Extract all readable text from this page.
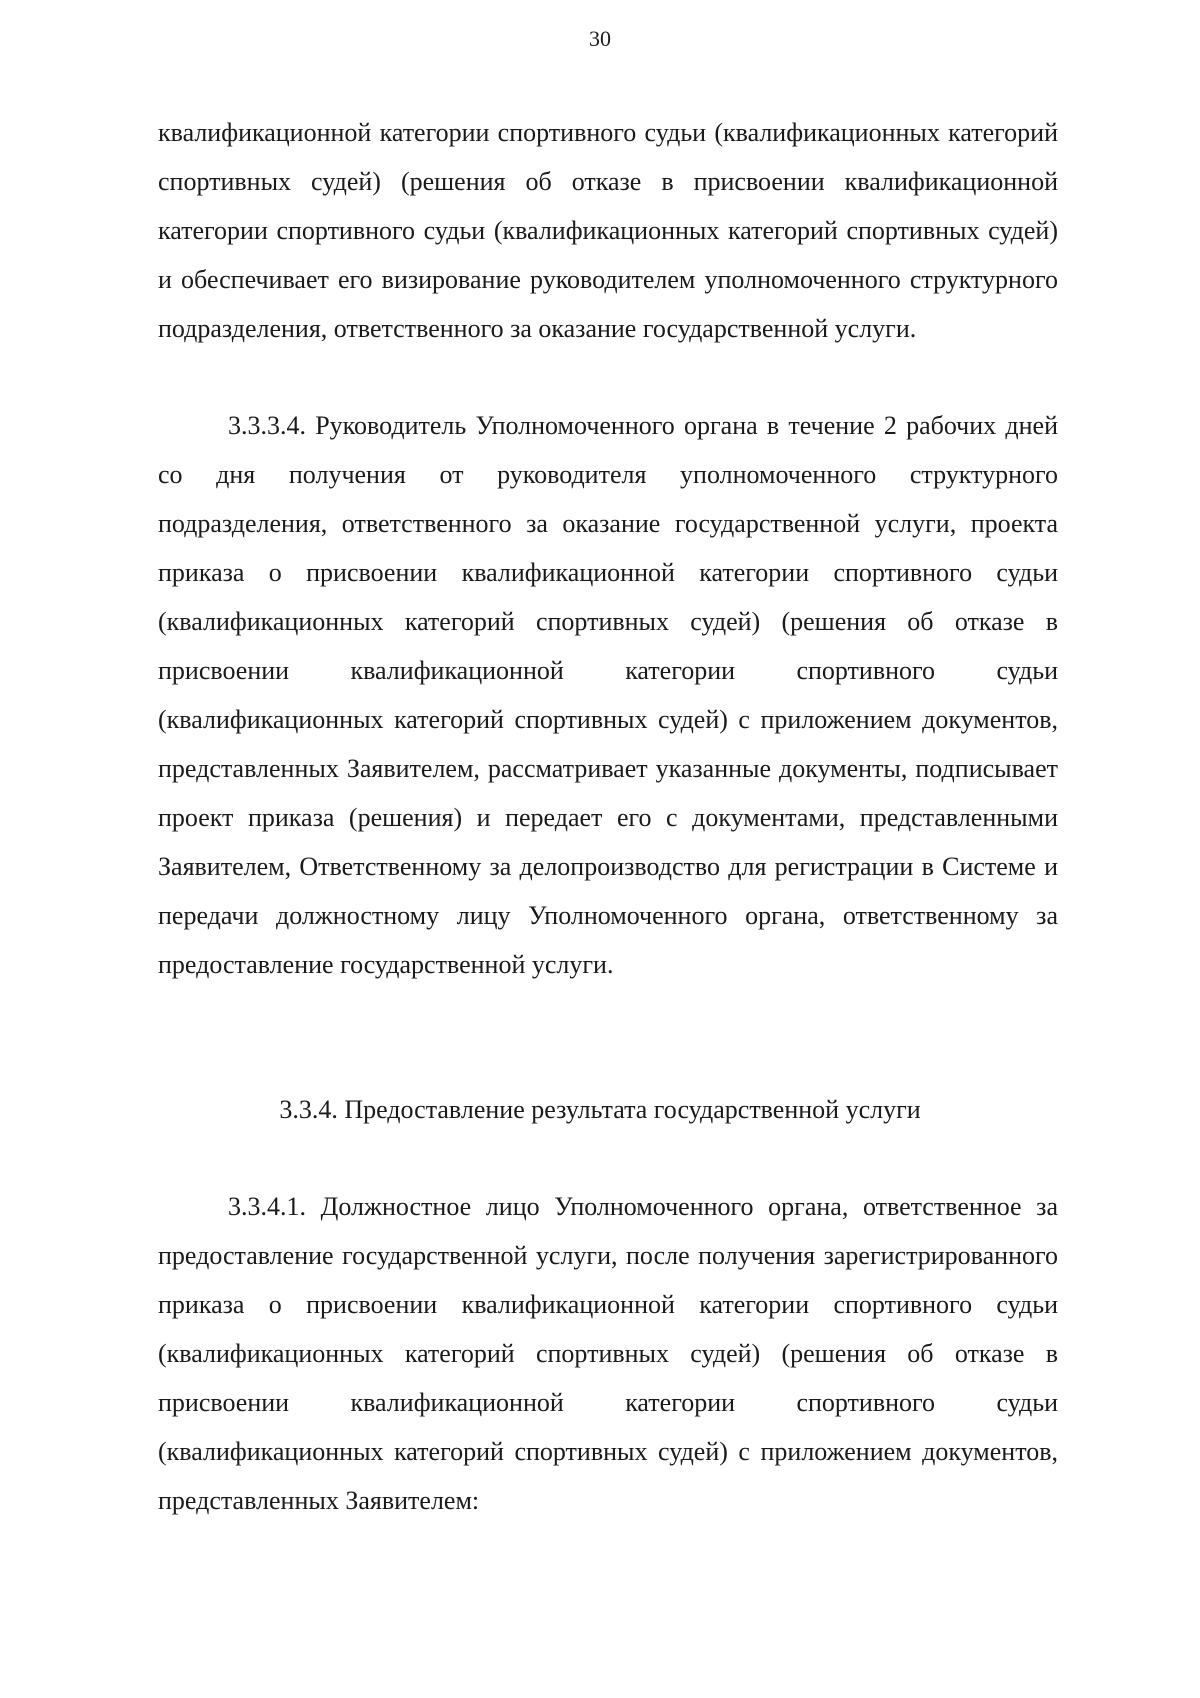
30

квалификационной категории спортивного судьи (квалификационных категорий спортивных судей) (решения об отказе в присвоении квалификационной категории спортивного судьи (квалификационных категорий спортивных судей) и обеспечивает его визирование руководителем уполномоченного структурного подразделения, ответственного за оказание государственной услуги.

3.3.3.4. Руководитель Уполномоченного органа в течение 2 рабочих дней со дня получения от руководителя уполномоченного структурного подразделения, ответственного за оказание государственной услуги, проекта приказа о присвоении квалификационной категории спортивного судьи (квалификационных категорий спортивных судей) (решения об отказе в присвоении квалификационной категории спортивного судьи (квалификационных категорий спортивных судей) с приложением документов, представленных Заявителем, рассматривает указанные документы, подписывает проект приказа (решения) и передает его с документами, представленными Заявителем, Ответственному за делопроизводство для регистрации в Системе и передачи должностному лицу Уполномоченного органа, ответственному за предоставление государственной услуги.

3.3.4. Предоставление результата государственной услуги

3.3.4.1. Должностное лицо Уполномоченного органа, ответственное за предоставление государственной услуги, после получения зарегистрированного приказа о присвоении квалификационной категории спортивного судьи (квалификационных категорий спортивных судей) (решения об отказе в присвоении квалификационной категории спортивного судьи (квалификационных категорий спортивных судей) с приложением документов, представленных Заявителем:
